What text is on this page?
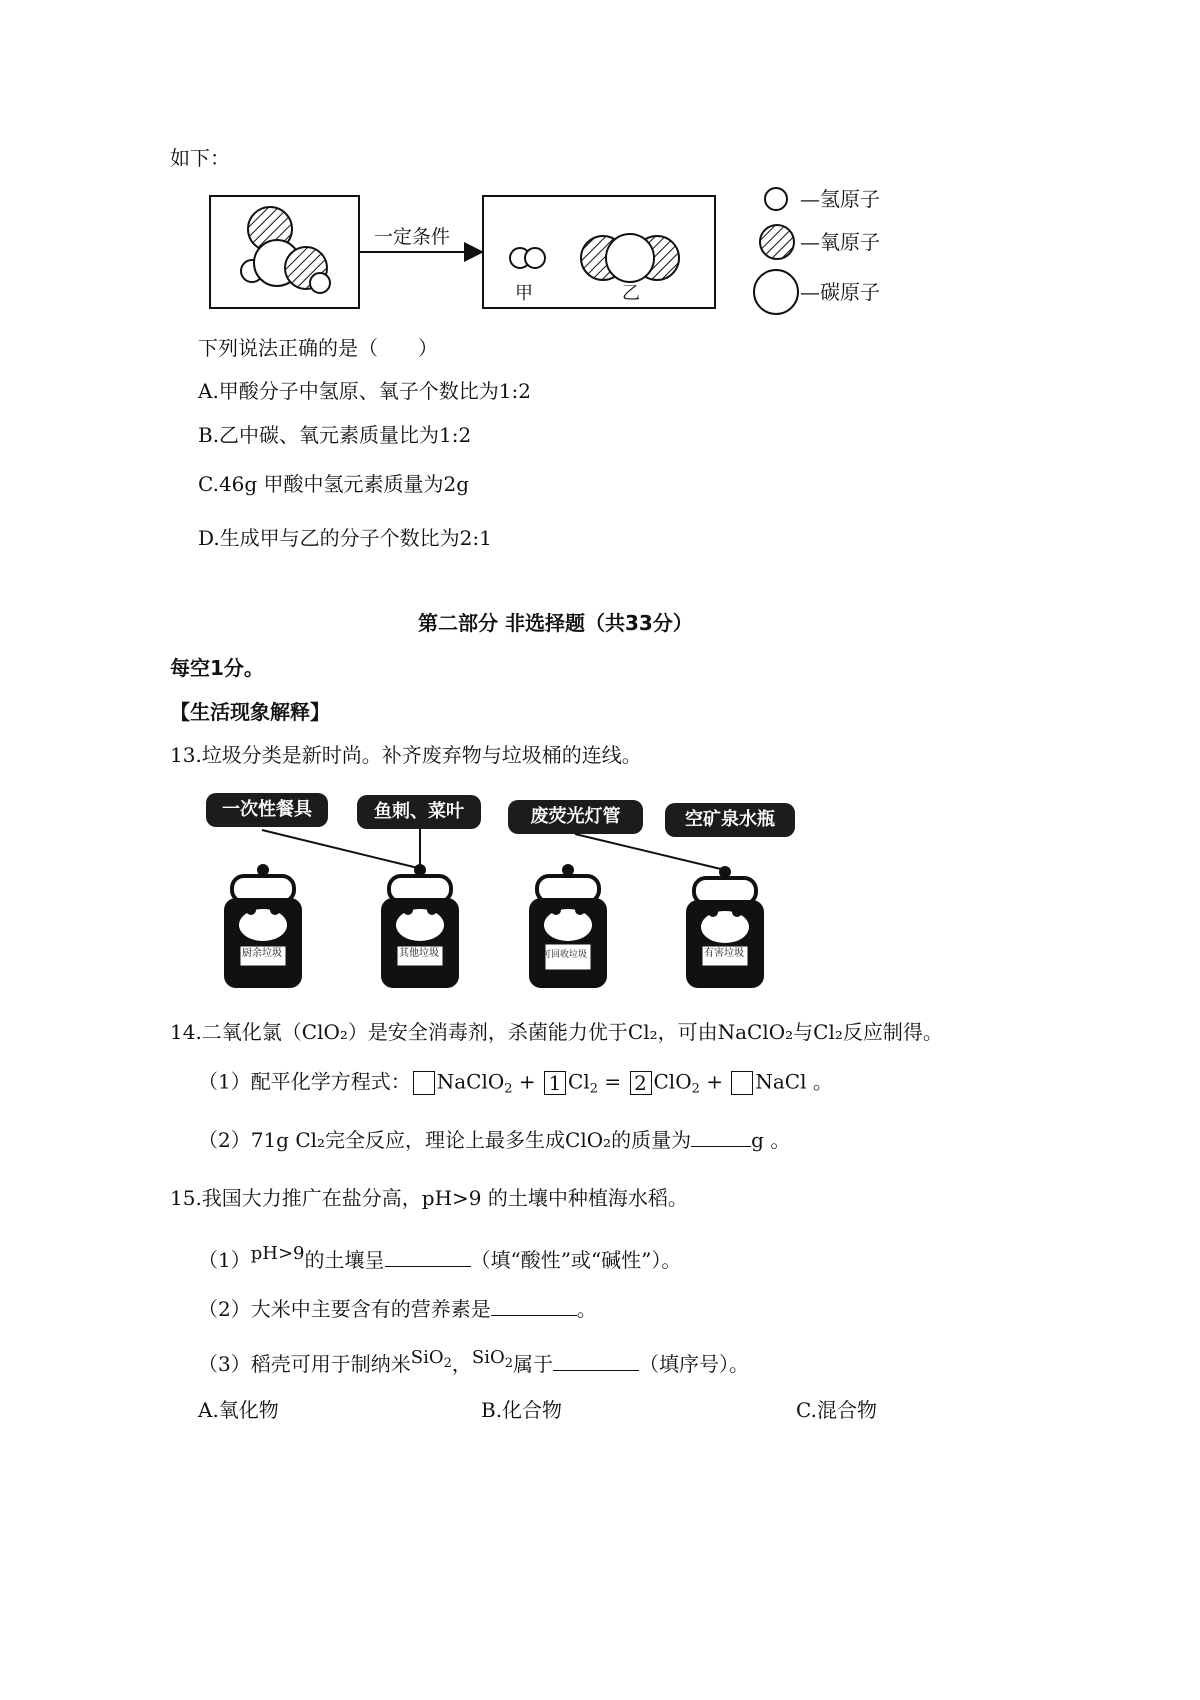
如下：
一定条件
甲	乙
—氢原子
—氧原子
—碳原子
下列说法正确的是（　　）
A.甲酸分子中氢原、氧子个数比为1:2
B.乙中碳、氧元素质量比为1:2
C.46g 甲酸中氢元素质量为2g
D.生成甲与乙的分子个数比为2:1
第二部分 非选择题（共33分）
每空1分。
【生活现象解释】
13.垃圾分类是新时尚。补齐废弃物与垃圾桶的连线。
一次性餐具	鱼刺、菜叶	废荧光灯管	空矿泉水瓶
厨余垃圾	其他垃圾	可回收垃圾	有害垃圾
14.二氧化氯（ClO₂）是安全消毒剂，杀菌能力优于Cl₂，可由NaClO₂与Cl₂反应制得。
（1）配平化学方程式： NaClO$_2$ + 1 $Cl_2 = 2$ ClO$_2$ + NaCl 。
（2）71g Cl₂完全反应，理论上最多生成ClO₂的质量为	g 。
15.我国大力推广在盐分高，pH>9 的土壤中种植海水稻。
（1）pH>9的土壤呈	（填“酸性”或“碱性”）。
（2）大米中主要含有的营养素是	。
（3）稻壳可用于制纳米SiO$_2$，SiO$_2$属于	（填序号）。
A.氧化物	B.化合物	C.混合物
